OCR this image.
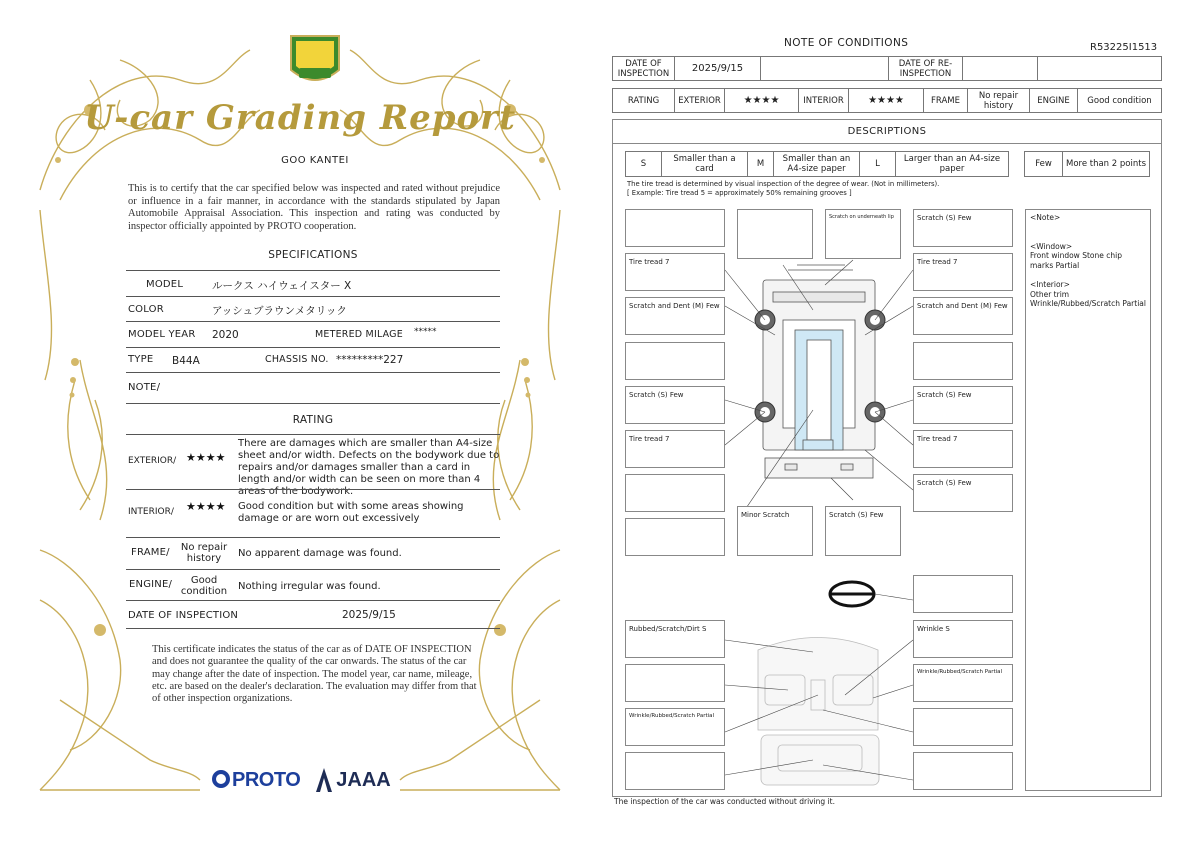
U-car Grading Report
GOO KANTEI
This is to certify that the car specified below was inspected and rated without prejudice or influence in a fair manner, in accordance with the standards stipulated by Japan Automobile Appraisal Association. This inspection and rating was conducted by inspector officially appointed by PROTO cooperation.
SPECIFICATIONS
MODEL	ルークス ハイウェイスター X
COLOR	アッシュブラウンメタリック
MODEL YEAR 2020	METERED MILAGE *****
TYPE B44A	CHASSIS NO. *********227
NOTE/
RATING
EXTERIOR/ ★★★★
There are damages which are smaller than A4-size sheet and/or width. Defects on the bodywork due to repairs and/or damages smaller than a card in length and/or width can be seen on more than 4 areas of the bodywork.
INTERIOR/ ★★★★ Good condition but with some areas showing damage or are worn out excessively
FRAME/ No repair history	No apparent damage was found.
ENGINE/	Good condition Nothing irregular was found.
DATE OF INSPECTION	2025/9/15
This certificate indicates the status of the car as of DATE OF INSPECTION and does not guarantee the quality of the car onwards. The status of the car may change after the date of inspection. The model year, car name, mileage, etc. are based on the dealer's declaration. The evaluation may differ from that of other inspection organizations.
PROTO JAAA
NOTE OF CONDITIONS	R53225I1513
DATE OF INSPECTION	2025/9/15		DATE OF RE-INSPECTION		
RATING	EXTERIOR	★★★★	INTERIOR	★★★★	FRAME	No repair history	ENGINE	Good condition
DESCRIPTIONS
S	Smaller than a card	M	Smaller than an A4-size paper	L	Larger than an A4-size paper	Few	More than 2 points
The tire tread is determined by visual inspection of the degree of wear. (Not in millimeters).
[ Example: Tire tread 5 = approximately 50% remaining grooves ]
Tire tread 7
Scratch and Dent (M) Few
Scratch (S) Few
Tire tread 7
Scratch on underneath lip	Scratch (S) Few
Tire tread 7
Scratch and Dent (M) Few
Scratch (S) Few
Tire tread 7
Scratch (S) Few
Minor Scratch	Scratch (S) Few
Rubbed/Scratch/Dirt S	Wrinkle S
Wrinkle/Rubbed/Scratch Partial
Wrinkle/Rubbed/Scratch Partial
<Note>
<Window>
Front window Stone chip marks Partial
<Interior>
Other trim
Wrinkle/Rubbed/Scratch Partial
The inspection of the car was conducted without driving it.
